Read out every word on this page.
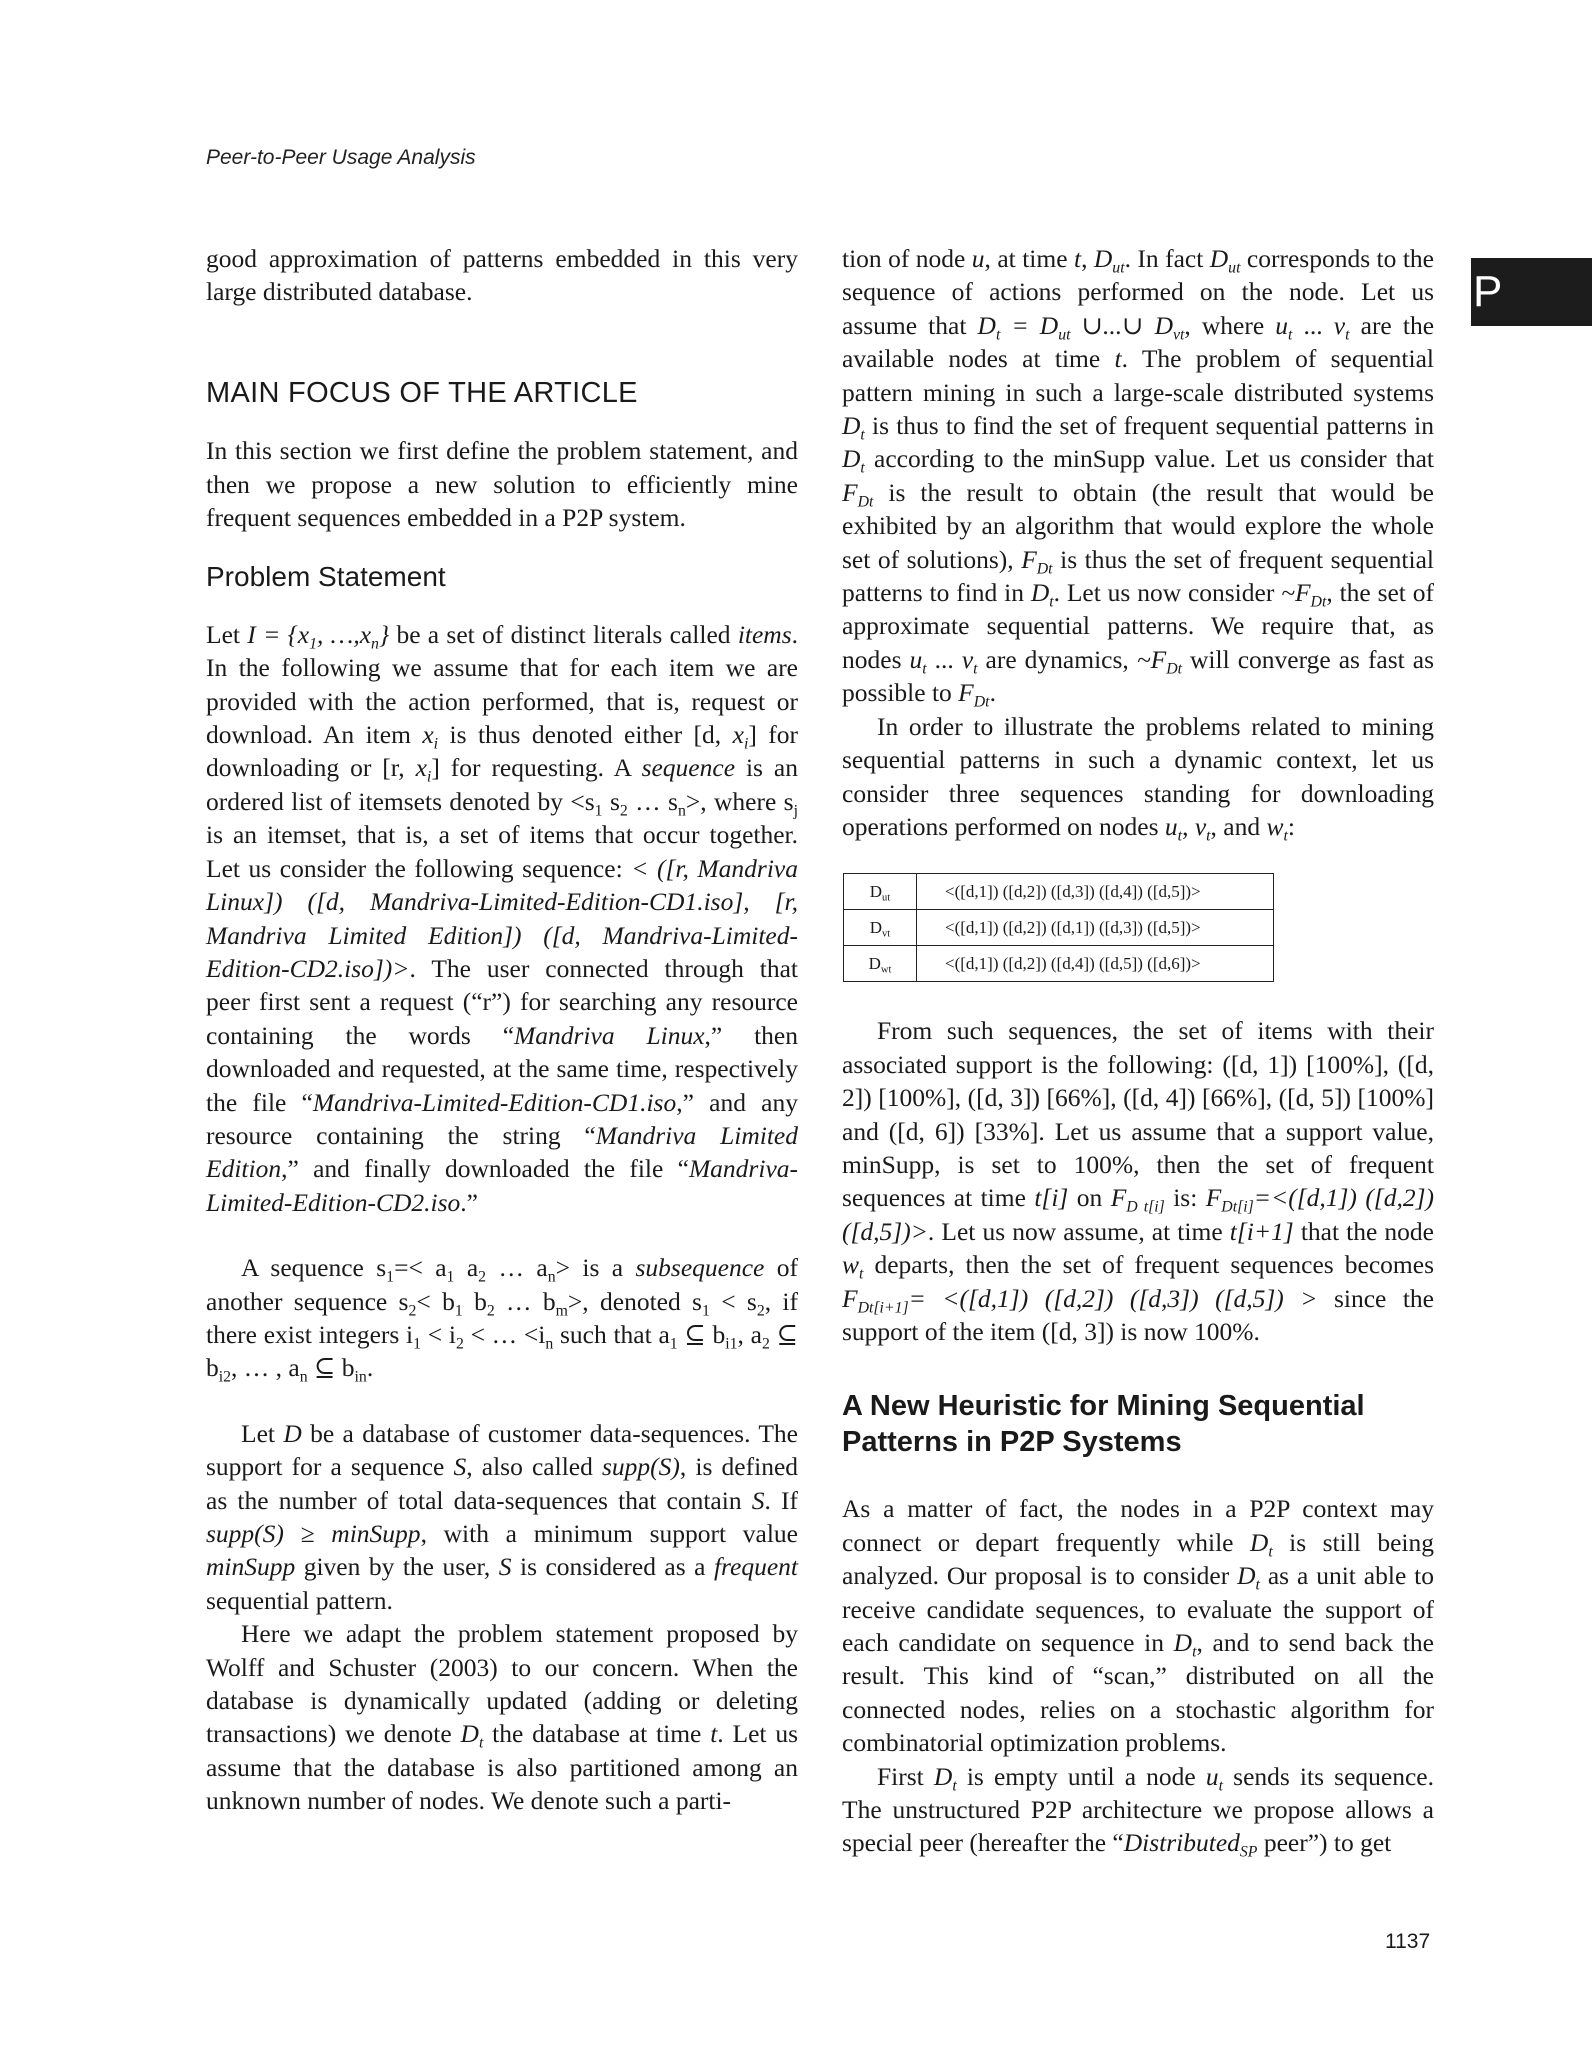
Peer-to-Peer Usage Analysis
P

good approximation of patterns embedded in this very large distributed database.

MAIN FOCUS OF THE ARTICLE

In this section we first define the problem statement, and then we propose a new solution to efficiently mine frequent sequences embedded in a P2P system.

Problem Statement

Let $I = \{x_1$, $\dots,x_n$} be a set of distinct literals called items. In the following we assume that for each item we are provided with the action performed, that is, request or download. An item $x_i$ is thus denoted either [d, $x_i$] for downloading or [r, $x_i$] for requesting. A sequence is an ordered list of itemsets denoted by $<s_1$ $s_2$ … $s_n>$, where $s_j$ is an itemset, that is, a set of items that occur together. Let us consider the following sequence: < ([r, Mandriva Linux]) ([d, Mandriva-Limited-Edition-CD1.iso], [r, Mandriva Limited Edition]) ([d, Mandriva-Limited-Edition-CD2.iso])>. The user connected through that peer first sent a request (“r”) for searching any resource containing the words “Mandriva Linux,” then downloaded and requested, at the same time, respectively the file “Mandriva-Limited-Edition-CD1.iso,” and any resource containing the string “Mandriva Limited Edition,” and finally downloaded the file “Mandriva-Limited-Edition-CD2.iso.”

A sequence $s_1=< a_1$ $a_2$ … $a_n>$ is a subsequence of another sequence $s_2< b_1$ $b_2$ … $b_m>$, denoted $s_1 < s_2$, if there exist integers $i_1 < i_2$ < … $<i_n$ such that $a_1$ ⊆ $b_{i1}$, $a_2$ ⊆ $b_{i2}$, … , $a_n$ ⊆ $b_{in}$.

Let D be a database of customer data-sequences. The support for a sequence S, also called supp(S), is defined as the number of total data-sequences that contain S. If supp(S) ≥ minSupp, with a minimum support value minSupp given by the user, S is considered as a frequent sequential pattern.

Here we adapt the problem statement proposed by Wolff and Schuster (2003) to our concern. When the database is dynamically updated (adding or deleting transactions) we denote $D_t$ the database at time t. Let us assume that the database is also partitioned among an unknown number of nodes. We denote such a parti-

tion of node u, at time t, $D_{ut}$. In fact $D_{ut}$ corresponds to the sequence of actions performed on the node. Let us assume that $D_t = D_{ut}$ ∪...∪ $D_{vt}$, where $u_t$ ... $v_t$ are the available nodes at time t. The problem of sequential pattern mining in such a large-scale distributed systems $D_t$ is thus to find the set of frequent sequential patterns in $D_t$ according to the minSupp value. Let us consider that $F_{Dt}$ is the result to obtain (the result that would be exhibited by an algorithm that would explore the whole set of solutions), $F_{Dt}$ is thus the set of frequent sequential patterns to find in $D_t$. Let us now consider $\sim F_{Dt}$, the set of approximate sequential patterns. We require that, as nodes $u_t$ ... $v_t$ are dynamics, $\sim F_{Dt}$ will converge as fast as possible to $F_{Dt}$.

In order to illustrate the problems related to mining sequential patterns in such a dynamic context, let us consider three sequences standing for downloading operations performed on nodes $u_t$, $v_t$, and $w_t$:

$D_{ut}$	<([d,1]) ([d,2]) ([d,3]) ([d,4]) ([d,5])>
$D_{vt}$	<([d,1]) ([d,2]) ([d,1]) ([d,3]) ([d,5])>
$D_{wt}$	<([d,1]) ([d,2]) ([d,4]) ([d,5]) ([d,6])>

From such sequences, the set of items with their associated support is the following: ([d, 1]) [100%], ([d, 2]) [100%], ([d, 3]) [66%], ([d, 4]) [66%], ([d, 5]) [100%] and ([d, 6]) [33%]. Let us assume that a support value, minSupp, is set to 100%, then the set of frequent sequences at time t[i] on $F_{D t[i]}$ is: $F_{Dt[i]}=<([d,1])$ ([d,2]) ([d,5])>. Let us now assume, at time t[i+1] that the node $w_t$ departs, then the set of frequent sequences becomes $F_{Dt[i+1]}= <([d,1])$ ([d,2]) ([d,3]) ([d,5]) > since the support of the item ([d, 3]) is now 100%.

A New Heuristic for Mining Sequential Patterns in P2P Systems

As a matter of fact, the nodes in a P2P context may connect or depart frequently while $D_t$ is still being analyzed. Our proposal is to consider $D_t$ as a unit able to receive candidate sequences, to evaluate the support of each candidate on sequence in $D_t$, and to send back the result. This kind of “scan,” distributed on all the connected nodes, relies on a stochastic algorithm for combinatorial optimization problems.

First $D_t$ is empty until a node $u_t$ sends its sequence. The unstructured P2P architecture we propose allows a special peer (hereafter the “Distributed$_{SP}$ peer”) to get

1137
